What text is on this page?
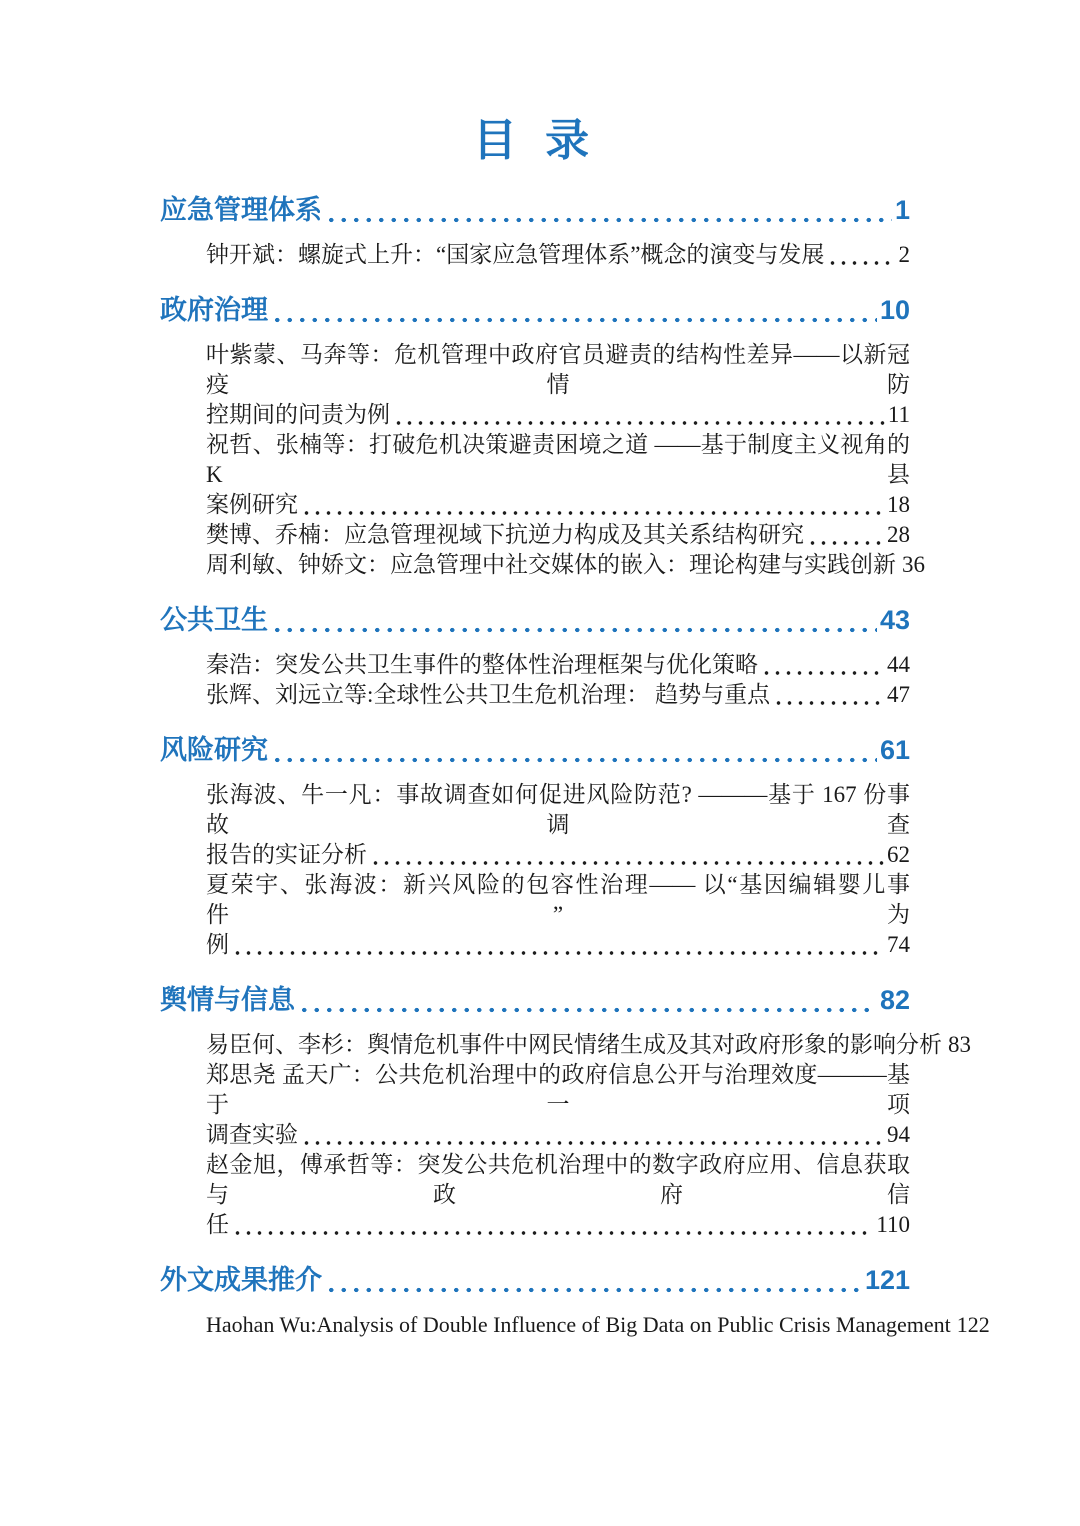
目 录
应急管理体系	1
钟开斌：螺旋式上升：“国家应急管理体系”概念的演变与发展	2
政府治理	10
叶紫蒙、马奔等：危机管理中政府官员避责的结构性差异——以新冠疫情防
控期间的问责为例	11
祝哲、张楠等：打破危机决策避责困境之道 ——基于制度主义视角的 K 县
案例研究	18
樊博、乔楠：应急管理视域下抗逆力构成及其关系结构研究	28
周利敏、钟娇文：应急管理中社交媒体的嵌入：理论构建与实践创新 36
公共卫生	43
秦浩：突发公共卫生事件的整体性治理框架与优化策略	44
张辉、刘远立等:全球性公共卫生危机治理： 趋势与重点	47
风险研究	61
张海波、牛一凡：事故调查如何促进风险防范? ———基于 167 份事故调查
报告的实证分析	62
夏荣宇、张海波：新兴风险的包容性治理—— 以“基因编辑婴儿事件”为
例	74
舆情与信息	82
易臣何、李杉：舆情危机事件中网民情绪生成及其对政府形象的影响分析 83
郑思尧 孟天广：公共危机治理中的政府信息公开与治理效度———基于一项
调查实验	94
赵金旭，傅承哲等：突发公共危机治理中的数字政府应用、信息获取与政府信
任	110
外文成果推介	121
Haohan Wu:Analysis of Double Influence of Big Data on Public Crisis Management 122
